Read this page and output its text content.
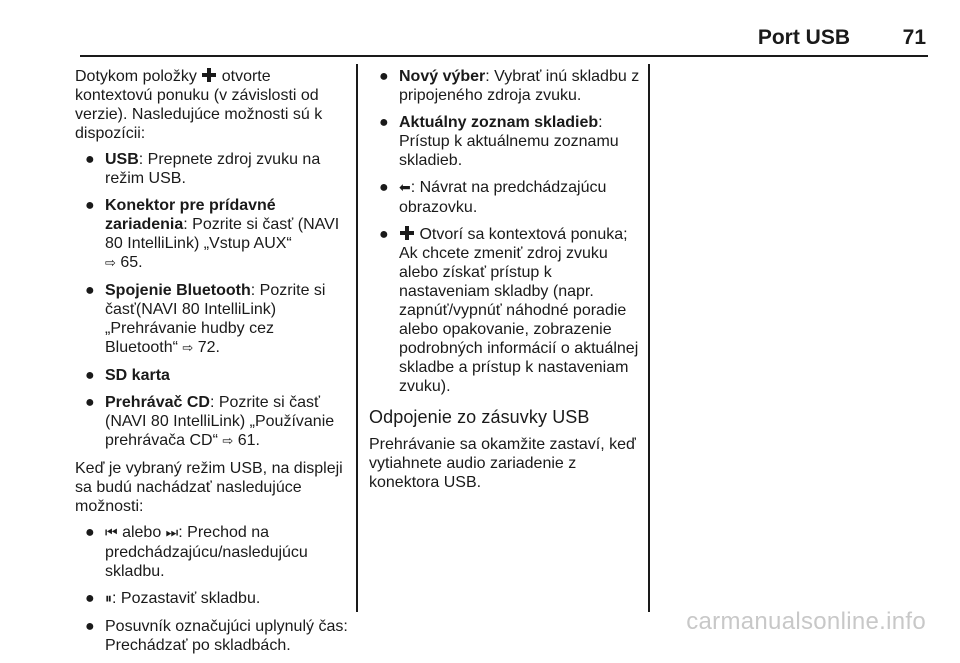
Port USB	71

Dotykom položky otvorte kontextovú ponuku (v závislosti od verzie). Nasledujúce možnosti sú k dispozícii:

● USB: Prepnete zdroj zvuku na režim USB.
● Konektor pre prídavné zariadenia: Pozrite si časť (NAVI 80 IntelliLink) „Vstup AUX“
⇨ 65.
● Spojenie Bluetooth: Pozrite si časť(NAVI 80 IntelliLink) „Prehrávanie hudby cez Bluetooth“ ⇨ 72.
● SD karta
● Prehrávač CD: Pozrite si časť (NAVI 80 IntelliLink) „Používanie prehrávača CD“ ⇨ 61.

Keď je vybraný režim USB, na displeji sa budú nachádzať nasledujúce možnosti:

● ⏮ alebo ⏭: Prechod na predchádzajúcu/nasledujúcu skladbu.
● ⏸: Pozastaviť skladbu.
● Posuvník označujúci uplynulý čas: Prechádzať po skladbách.
● Nový výber: Vybrať inú skladbu z pripojeného zdroja zvuku.
● Aktuálny zoznam skladieb: Prístup k aktuálnemu zoznamu skladieb.
● ⬅: Návrat na predchádzajúcu obrazovku.
● Otvorí sa kontextová ponuka; Ak chcete zmeniť zdroj zvuku alebo získať prístup k nastaveniam skladby (napr. zapnúť/vypnúť náhodné poradie alebo opakovanie, zobrazenie podrobných informácií o aktuálnej skladbe a prístup k nastaveniam zvuku).
Odpojenie zo zásuvky USB

Prehrávanie sa okamžite zastaví, keď vytiahnete audio zariadenie z konektora USB.

carmanualsonline.info
